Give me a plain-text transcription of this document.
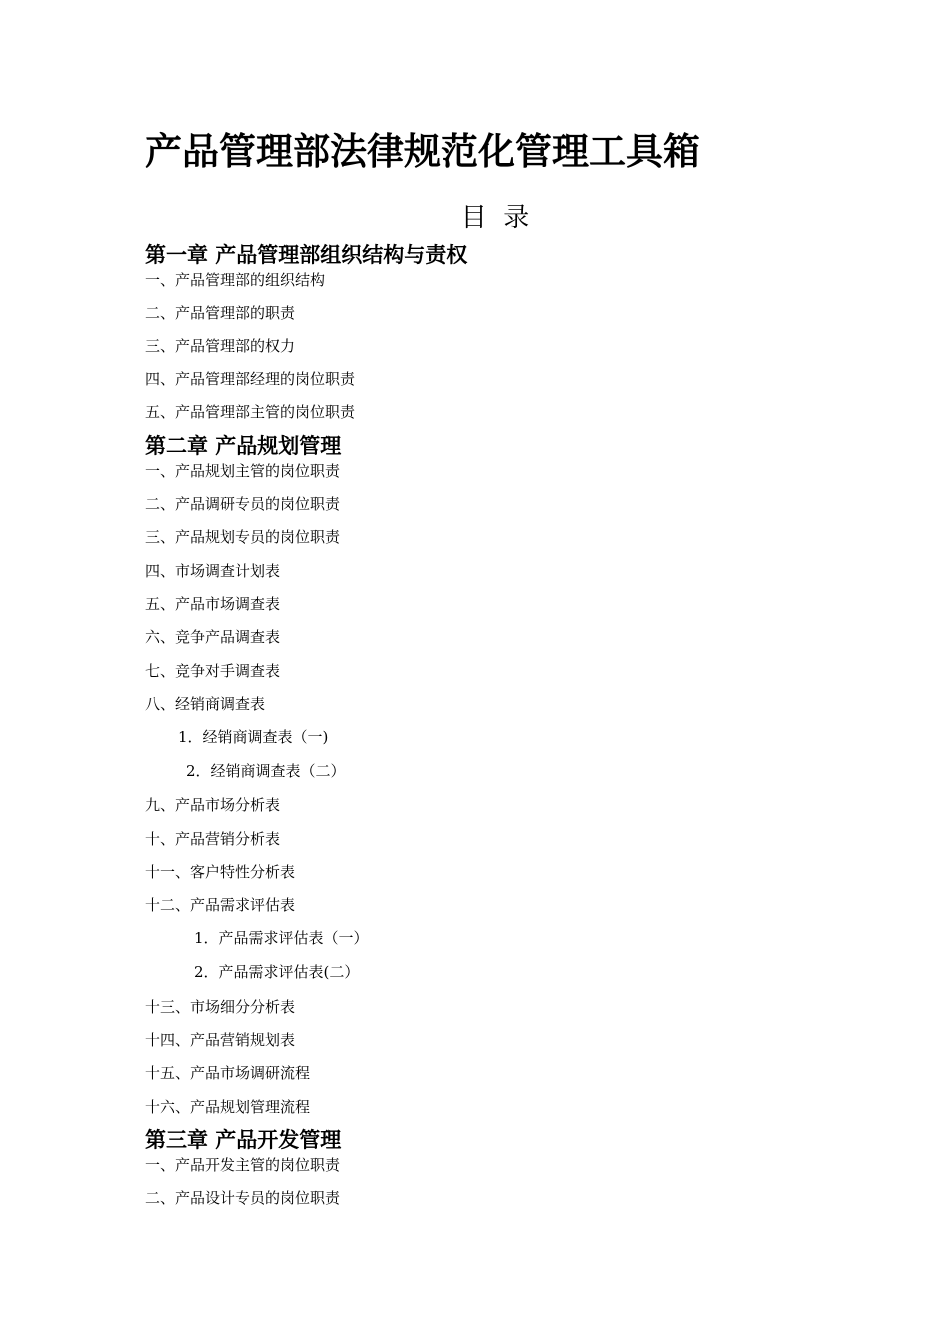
产品管理部法律规范化管理工具箱
目  录
第一章 产品管理部组织结构与责权
一、产品管理部的组织结构
二、产品管理部的职责
三、产品管理部的权力
四、产品管理部经理的岗位职责
五、产品管理部主管的岗位职责
第二章 产品规划管理
一、产品规划主管的岗位职责
二、产品调研专员的岗位职责
三、产品规划专员的岗位职责
四、市场调查计划表
五、产品市场调查表
六、竞争产品调查表
七、竞争对手调查表
八、经销商调查表
1．经销商调查表（一)
2．经销商调查表（二）
九、产品市场分析表
十、产品营销分析表
十一、客户特性分析表
十二、产品需求评估表
1．产品需求评估表（一）
2．产品需求评估表(二）
十三、市场细分分析表
十四、产品营销规划表
十五、产品市场调研流程
十六、产品规划管理流程
第三章 产品开发管理
一、产品开发主管的岗位职责
二、产品设计专员的岗位职责
